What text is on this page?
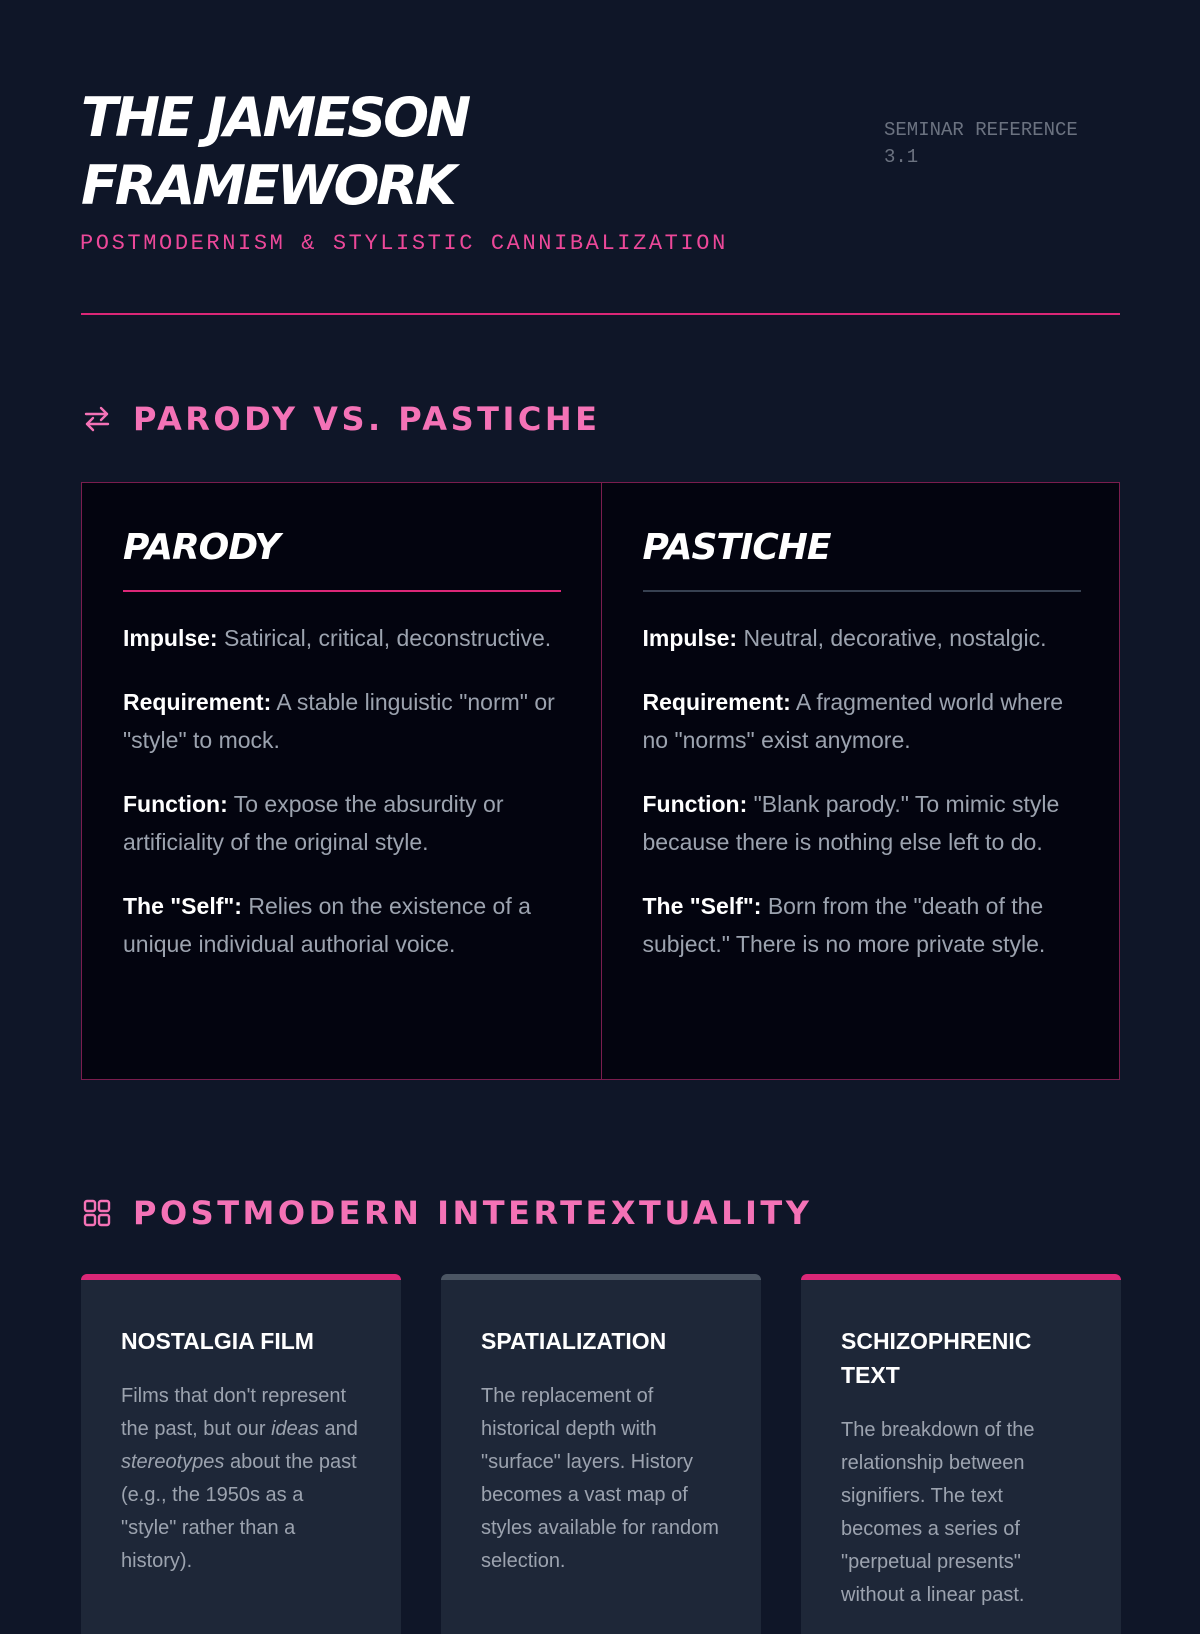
THE JAMESON FRAMEWORK
POSTMODERNISM & STYLISTIC CANNIBALIZATION
SEMINAR REFERENCE 3.1
PARODY VS. PASTICHE
PARODY

Impulse: Satirical, critical, deconstructive.

Requirement: A stable linguistic "norm" or "style" to mock.

Function: To expose the absurdity or artificiality of the original style.

The "Self": Relies on the existence of a unique individual authorial voice.

PASTICHE

Impulse: Neutral, decorative, nostalgic.

Requirement: A fragmented world where no "norms" exist anymore.

Function: "Blank parody." To mimic style because there is nothing else left to do.

The "Self": Born from the "death of the subject." There is no more private style.

POSTMODERN INTERTEXTUALITY
NOSTALGIA FILM

Films that don't represent the past, but our ideas and stereotypes about the past (e.g., the 1950s as a "style" rather than a history).

SPATIALIZATION

The replacement of historical depth with "surface" layers. History becomes a vast map of styles available for random selection.

SCHIZOPHRENIC TEXT

The breakdown of the relationship between signifiers. The text becomes a series of "perpetual presents" without a linear past.
